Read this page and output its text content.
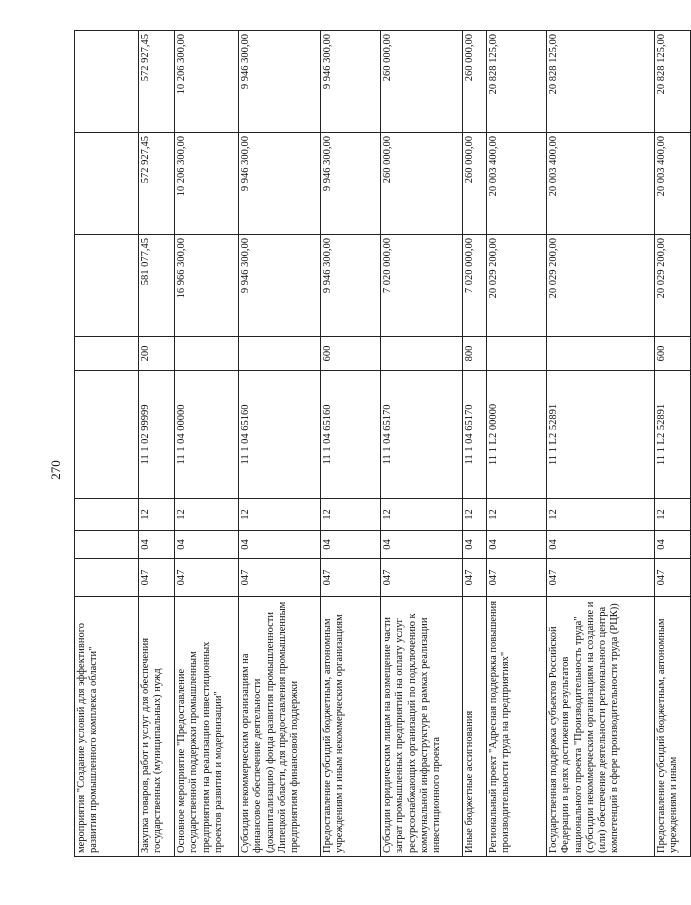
270
мероприятия "Создание условий для эффективного развития промышленного комплекса области"								
Закупка товаров, работ и услуг для обеспечения государственных (муниципальных) нужд	047	04	12	11 1 02 99999	200	581 077,45	572 927,45	572 927,45
Основное мероприятие "Предоставление государственной поддержки промышленным предприятиям на реализацию инвестиционных проектов развития и модернизации"	047	04	12	11 1 04 00000		16 966 300,00	10 206 300,00	10 206 300,00
Субсидии некоммерческим организациям на финансовое обеспечение деятельности (докапитализацию) фонда развития промышленности Липецкой области, для предоставления промышленным предприятиям финансовой поддержки	047	04	12	11 1 04 65160		9 946 300,00	9 946 300,00	9 946 300,00
Предоставление субсидий бюджетным, автономным учреждениям и иным некоммерческим организациям	047	04	12	11 1 04 65160	600	9 946 300,00	9 946 300,00	9 946 300,00
Субсидии юридическим лицам на возмещение части затрат промышленных предприятий на оплату услуг ресурсоснабжающих организаций по подключению к коммунальной инфраструктуре в рамках реализации инвестиционного проекта	047	04	12	11 1 04 65170		7 020 000,00	260 000,00	260 000,00
Иные бюджетные ассигнования	047	04	12	11 1 04 65170	800	7 020 000,00	260 000,00	260 000,00
Региональный проект "Адресная поддержка повышения производительности труда на предприятиях"	047	04	12	11 1 L2 00000		20 029 200,00	20 003 400,00	20 828 125,00
Государственная поддержка субъектов Российской Федерации в целях достижения результатов национального проекта "Производительность труда" (субсидии некоммерческим организациям на создание и (или) обеспечение деятельности регионального центра компетенций в сфере производительности труда (РЦК))	047	04	12	11 1 L2 52891		20 029 200,00	20 003 400,00	20 828 125,00
Предоставление субсидий бюджетным, автономным учреждениям и иным	047	04	12	11 1 L2 52891	600	20 029 200,00	20 003 400,00	20 828 125,00
